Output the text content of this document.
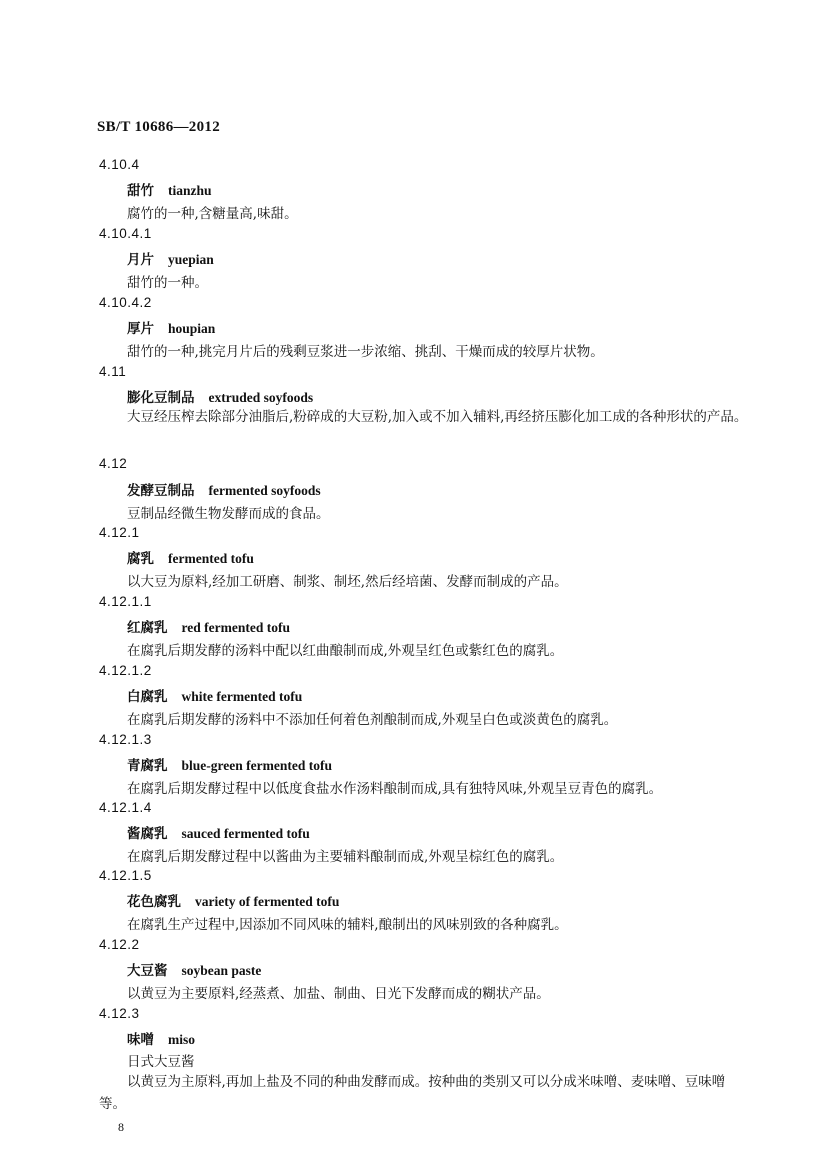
SB/T 10686—2012
4.10.4
甜竹 tianzhu
腐竹的一种,含糖量高,味甜。
4.10.4.1
月片 yuepian
甜竹的一种。
4.10.4.2
厚片 houpian
甜竹的一种,挑完月片后的残剩豆浆进一步浓缩、挑刮、干燥而成的较厚片状物。
4.11
膨化豆制品 extruded soyfoods
大豆经压榨去除部分油脂后,粉碎成的大豆粉,加入或不加入辅料,再经挤压膨化加工成的各种形状的产品。
4.12
发酵豆制品 fermented soyfoods
豆制品经微生物发酵而成的食品。
4.12.1
腐乳 fermented tofu
以大豆为原料,经加工研磨、制浆、制坯,然后经培菌、发酵而制成的产品。
4.12.1.1
红腐乳 red fermented tofu
在腐乳后期发酵的汤料中配以红曲酿制而成,外观呈红色或紫红色的腐乳。
4.12.1.2
白腐乳 white fermented tofu
在腐乳后期发酵的汤料中不添加任何着色剂酿制而成,外观呈白色或淡黄色的腐乳。
4.12.1.3
青腐乳 blue-green fermented tofu
在腐乳后期发酵过程中以低度食盐水作汤料酿制而成,具有独特风味,外观呈豆青色的腐乳。
4.12.1.4
酱腐乳 sauced fermented tofu
在腐乳后期发酵过程中以酱曲为主要辅料酿制而成,外观呈棕红色的腐乳。
4.12.1.5
花色腐乳 variety of fermented tofu
在腐乳生产过程中,因添加不同风味的辅料,酿制出的风味别致的各种腐乳。
4.12.2
大豆酱 soybean paste
以黄豆为主要原料,经蒸煮、加盐、制曲、日光下发酵而成的糊状产品。
4.12.3
味噌 miso
日式大豆酱
以黄豆为主原料,再加上盐及不同的种曲发酵而成。按种曲的类别又可以分成米味噌、麦味噌、豆味噌等。
8
